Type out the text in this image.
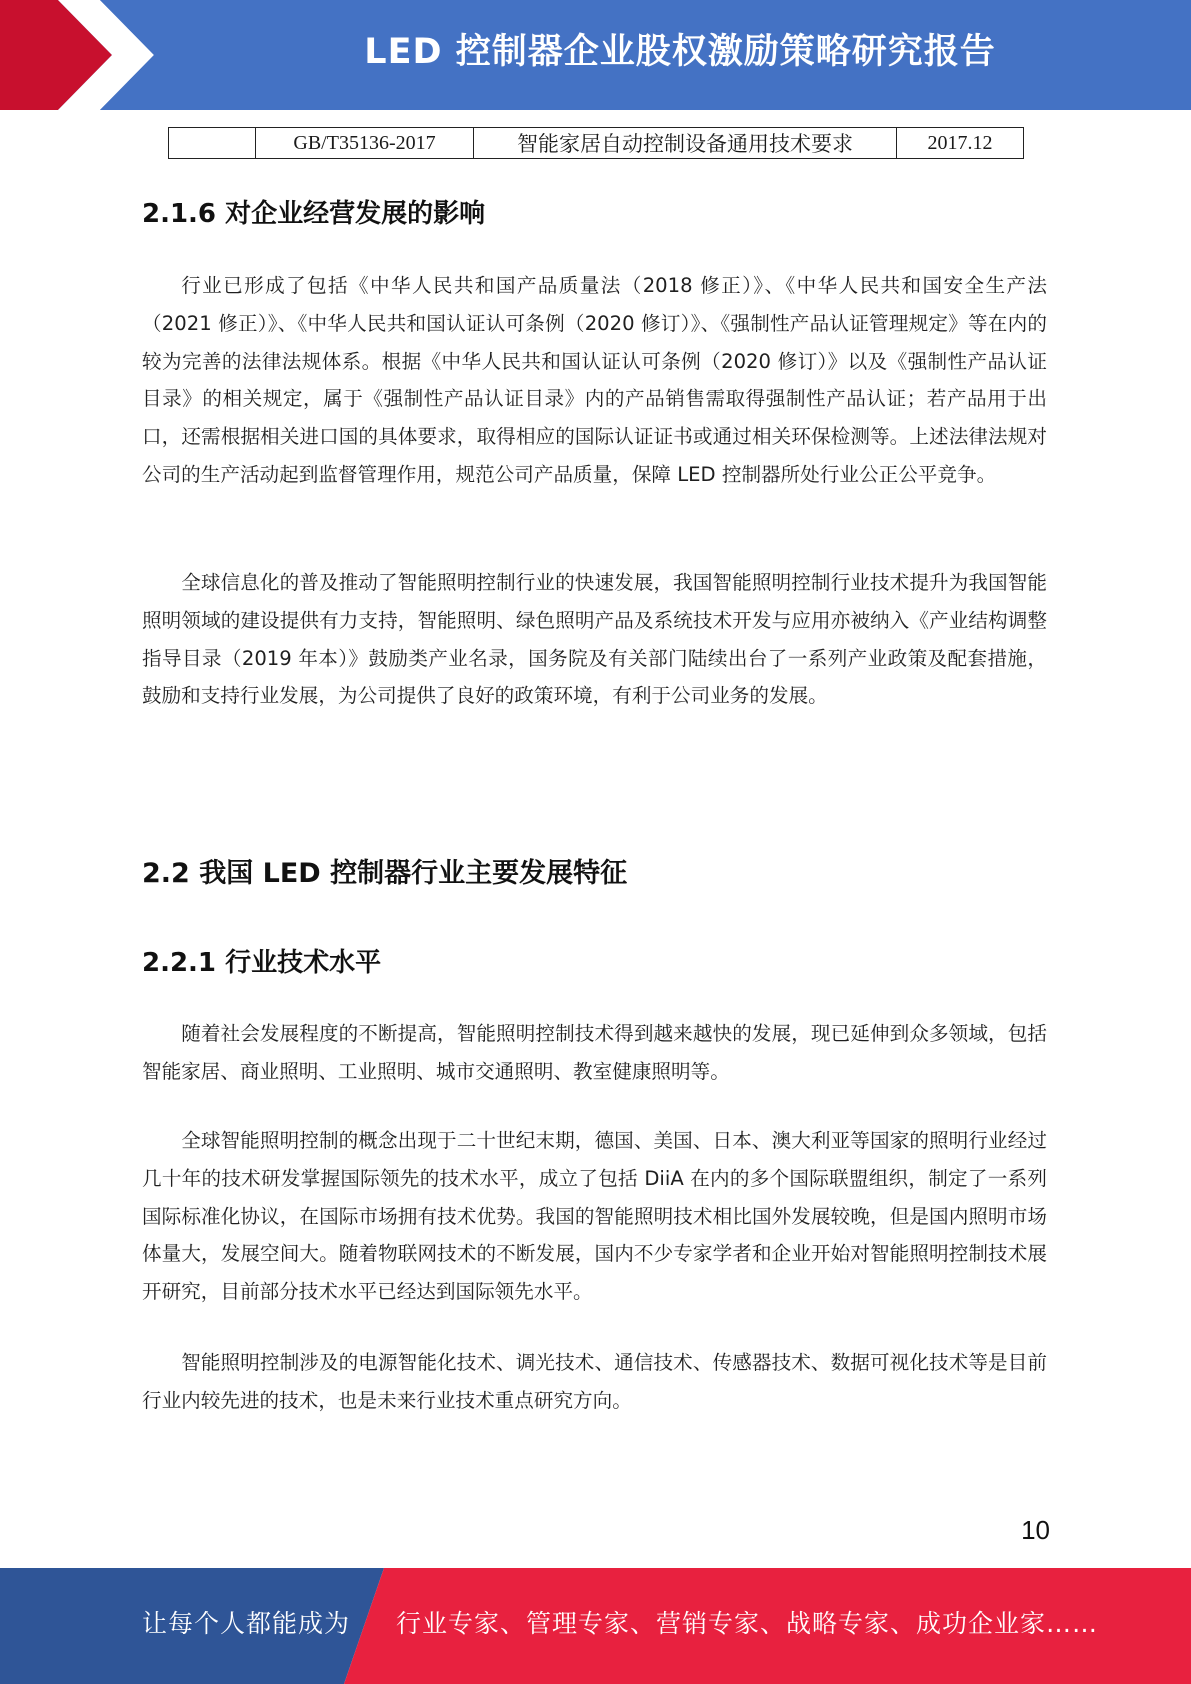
LED 控制器企业股权激励策略研究报告
	GB/T35136-2017	智能家居自动控制设备通用技术要求	2017.12
2.1.6 对企业经营发展的影响

行业已形成了包括《中华人民共和国产品质量法（2018 修正）》、《中华人民共和国安全生产法（2021 修正）》、《中华人民共和国认证认可条例（2020 修订）》、《强制性产品认证管理规定》等在内的较为完善的法律法规体系。根据《中华人民共和国认证认可条例（2020 修订）》以及《强制性产品认证目录》的相关规定，属于《强制性产品认证目录》内的产品销售需取得强制性产品认证；若产品用于出口，还需根据相关进口国的具体要求，取得相应的国际认证证书或通过相关环保检测等。上述法律法规对公司的生产活动起到监督管理作用，规范公司产品质量，保障 LED 控制器所处行业公正公平竞争。

全球信息化的普及推动了智能照明控制行业的快速发展，我国智能照明控制行业技术提升为我国智能照明领域的建设提供有力支持，智能照明、绿色照明产品及系统技术开发与应用亦被纳入《产业结构调整指导目录（2019 年本）》鼓励类产业名录，国务院及有关部门陆续出台了一系列产业政策及配套措施，鼓励和支持行业发展，为公司提供了良好的政策环境，有利于公司业务的发展。

2.2 我国 LED 控制器行业主要发展特征
2.2.1 行业技术水平

随着社会发展程度的不断提高，智能照明控制技术得到越来越快的发展，现已延伸到众多领域，包括智能家居、商业照明、工业照明、城市交通照明、教室健康照明等。

全球智能照明控制的概念出现于二十世纪末期，德国、美国、日本、澳大利亚等国家的照明行业经过几十年的技术研发掌握国际领先的技术水平，成立了包括 DiiA 在内的多个国际联盟组织，制定了一系列国际标准化协议，在国际市场拥有技术优势。我国的智能照明技术相比国外发展较晚，但是国内照明市场体量大，发展空间大。随着物联网技术的不断发展，国内不少专家学者和企业开始对智能照明控制技术展开研究，目前部分技术水平已经达到国际领先水平。

智能照明控制涉及的电源智能化技术、调光技术、通信技术、传感器技术、数据可视化技术等是目前行业内较先进的技术，也是未来行业技术重点研究方向。

10
让每个人都能成为 行业专家、管理专家、营销专家、战略专家、成功企业家……
